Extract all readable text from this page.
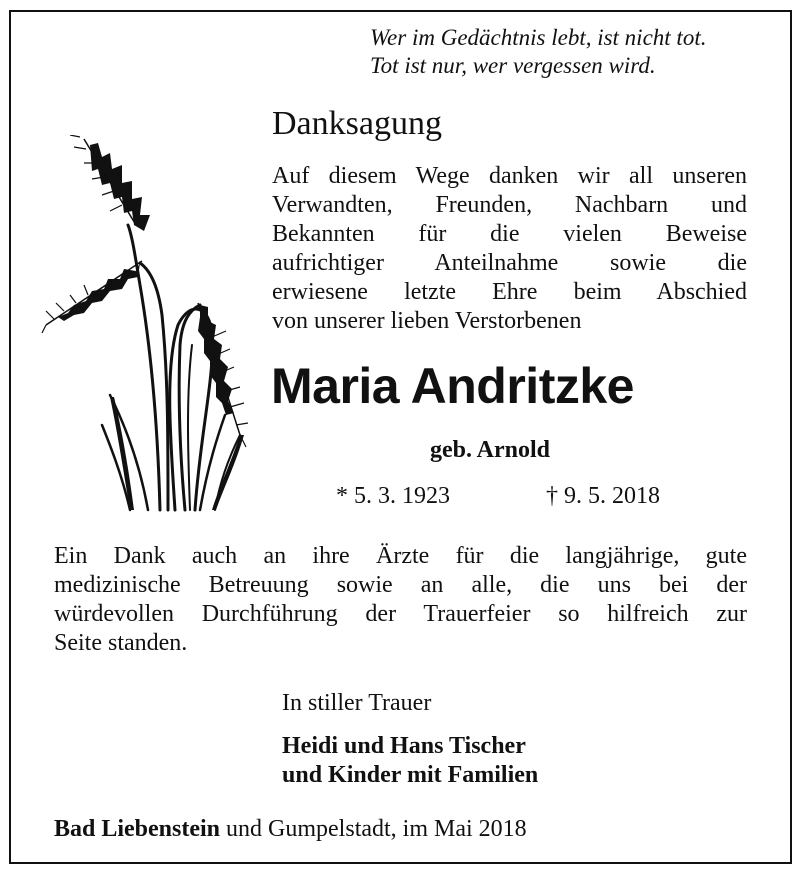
Wer im Gedächtnis lebt, ist nicht tot.
Tot ist nur, wer vergessen wird.
Danksagung
Auf diesem Wege danken wir all unseren
Verwandten, Freunden, Nachbarn und
Bekannten für die vielen Beweise
aufrichtiger Anteilnahme sowie die
erwiesene letzte Ehre beim Abschied
von unserer lieben Verstorbenen
Maria Andritzke
geb. Arnold
* 5. 3. 1923	† 9. 5. 2018
Ein Dank auch an ihre Ärzte für die langjährige, gute
medizinische Betreuung sowie an alle, die uns bei der
würdevollen Durchführung der Trauerfeier so hilfreich zur
Seite standen.
In stiller Trauer
Heidi und Hans Tischer
und Kinder mit Familien
Bad Liebenstein und Gumpelstadt, im Mai 2018
